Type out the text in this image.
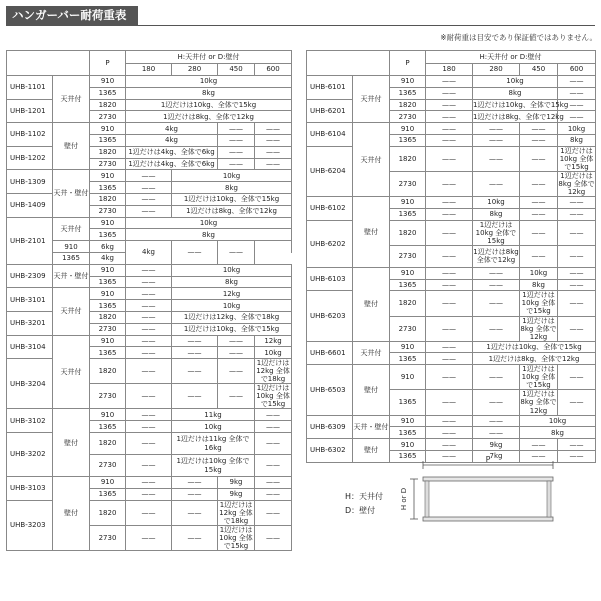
ハンガーバー耐荷重表
※耐荷重は目安であり保証値ではありません。
		P	H:天井付 or D:壁付				
			180	280	450	600	
UHB-1101	天井付	910	10kg				
		1365	8kg				
UHB-1201		1820	1辺だけは10kg、全体で15kg				
		2730	1辺だけは8kg、全体で12kg				
UHB-1102	壁付	910	4kg		——	——	
		1365	4kg		——	——	
UHB-1202		1820	1辺だけは4kg、全体で6kg		——	——	
		2730	1辺だけは4kg、全体で6kg		——	——	
UHB-1309	天井・壁付	910	——	10kg			
		1365	——	8kg			
UHB-1409		1820	——	1辺だけは10kg、全体で15kg			
		2730	——	1辺だけは8kg、全体で12kg			
UHB-2101	天井付	910	10kg				
		1365	8kg	
	910	6kg	4kg	——	——		
	1365	4kg					
UHB-2309	天井・壁付	910	——	10kg			
		1365	——	8kg			
UHB-3101	天井付	910	——	12kg			
		1365	——	10kg			
UHB-3201		1820	——	1辺だけは12kg、全体で18kg			
		2730	——	1辺だけは10kg、全体で15kg			
UHB-3104	天井付	910	——	——	——	12kg	
		1365	——	——	——	10kg	
UHB-3204		1820	——	——	——	1辺だけは12kg 全体で18kg	
		2730	——	——	——	1辺だけは10kg 全体で15kg	
UHB-3102	壁付	910	——	11kg		——	
		1365	——	10kg		——	
UHB-3202		1820	——	1辺だけは11kg 全体で16kg		——	
		2730	——	1辺だけは10kg 全体で15kg		——	
UHB-3103	壁付	910	——	——	9kg	——	
		1365	——	——	9kg	——	
UHB-3203		1820	——	——	1辺だけは12kg 全体で18kg	——	
		2730	——	——	1辺だけは10kg 全体で15kg	——	
		P	H:天井付 or D:壁付			
			180	280	450	600
UHB-6101	天井付	910	——	10kg		——
		1365	——	8kg		——
UHB-6201		1820	——	1辺だけは10kg、全体で15kg		——
		2730	——	1辺だけは8kg、全体で12kg		——
UHB-6104	天井付	910	——	——	——	10kg
		1365	——	——	——	8kg
UHB-6204		1820	——	——	——	1辺だけは10kg 全体で15kg
		2730	——	——	——	1辺だけは8kg 全体で12kg
UHB-6102	壁付	910	——	10kg	——	——
		1365	——	8kg	——	——
UHB-6202		1820	——	1辺だけは10kg 全体で15kg	——	——
		2730	——	1辺だけは8kg 全体で12kg	——	——
UHB-6103	壁付	910	——	——	10kg	——
		1365	——	——	8kg	——
UHB-6203		1820	——	——	1辺だけは10kg 全体で15kg	——
		2730	——	——	1辺だけは8kg 全体で12kg	——
UHB-6601	天井付	910	——	1辺だけは10kg、全体で15kg		
		1365	——	1辺だけは8kg、全体で12kg		
UHB-6503	壁付	910	——	——	1辺だけは10kg 全体で15kg	——
		1365	——	——	1辺だけは8kg 全体で12kg	——
UHB-6309	天井・壁付	910	——	——	10kg	
		1365	——	——	8kg	
UHB-6302	壁付	910	——	9kg	——	——
		1365	——	7kg	——	——
P
H or D
H：天井付
D：壁付
